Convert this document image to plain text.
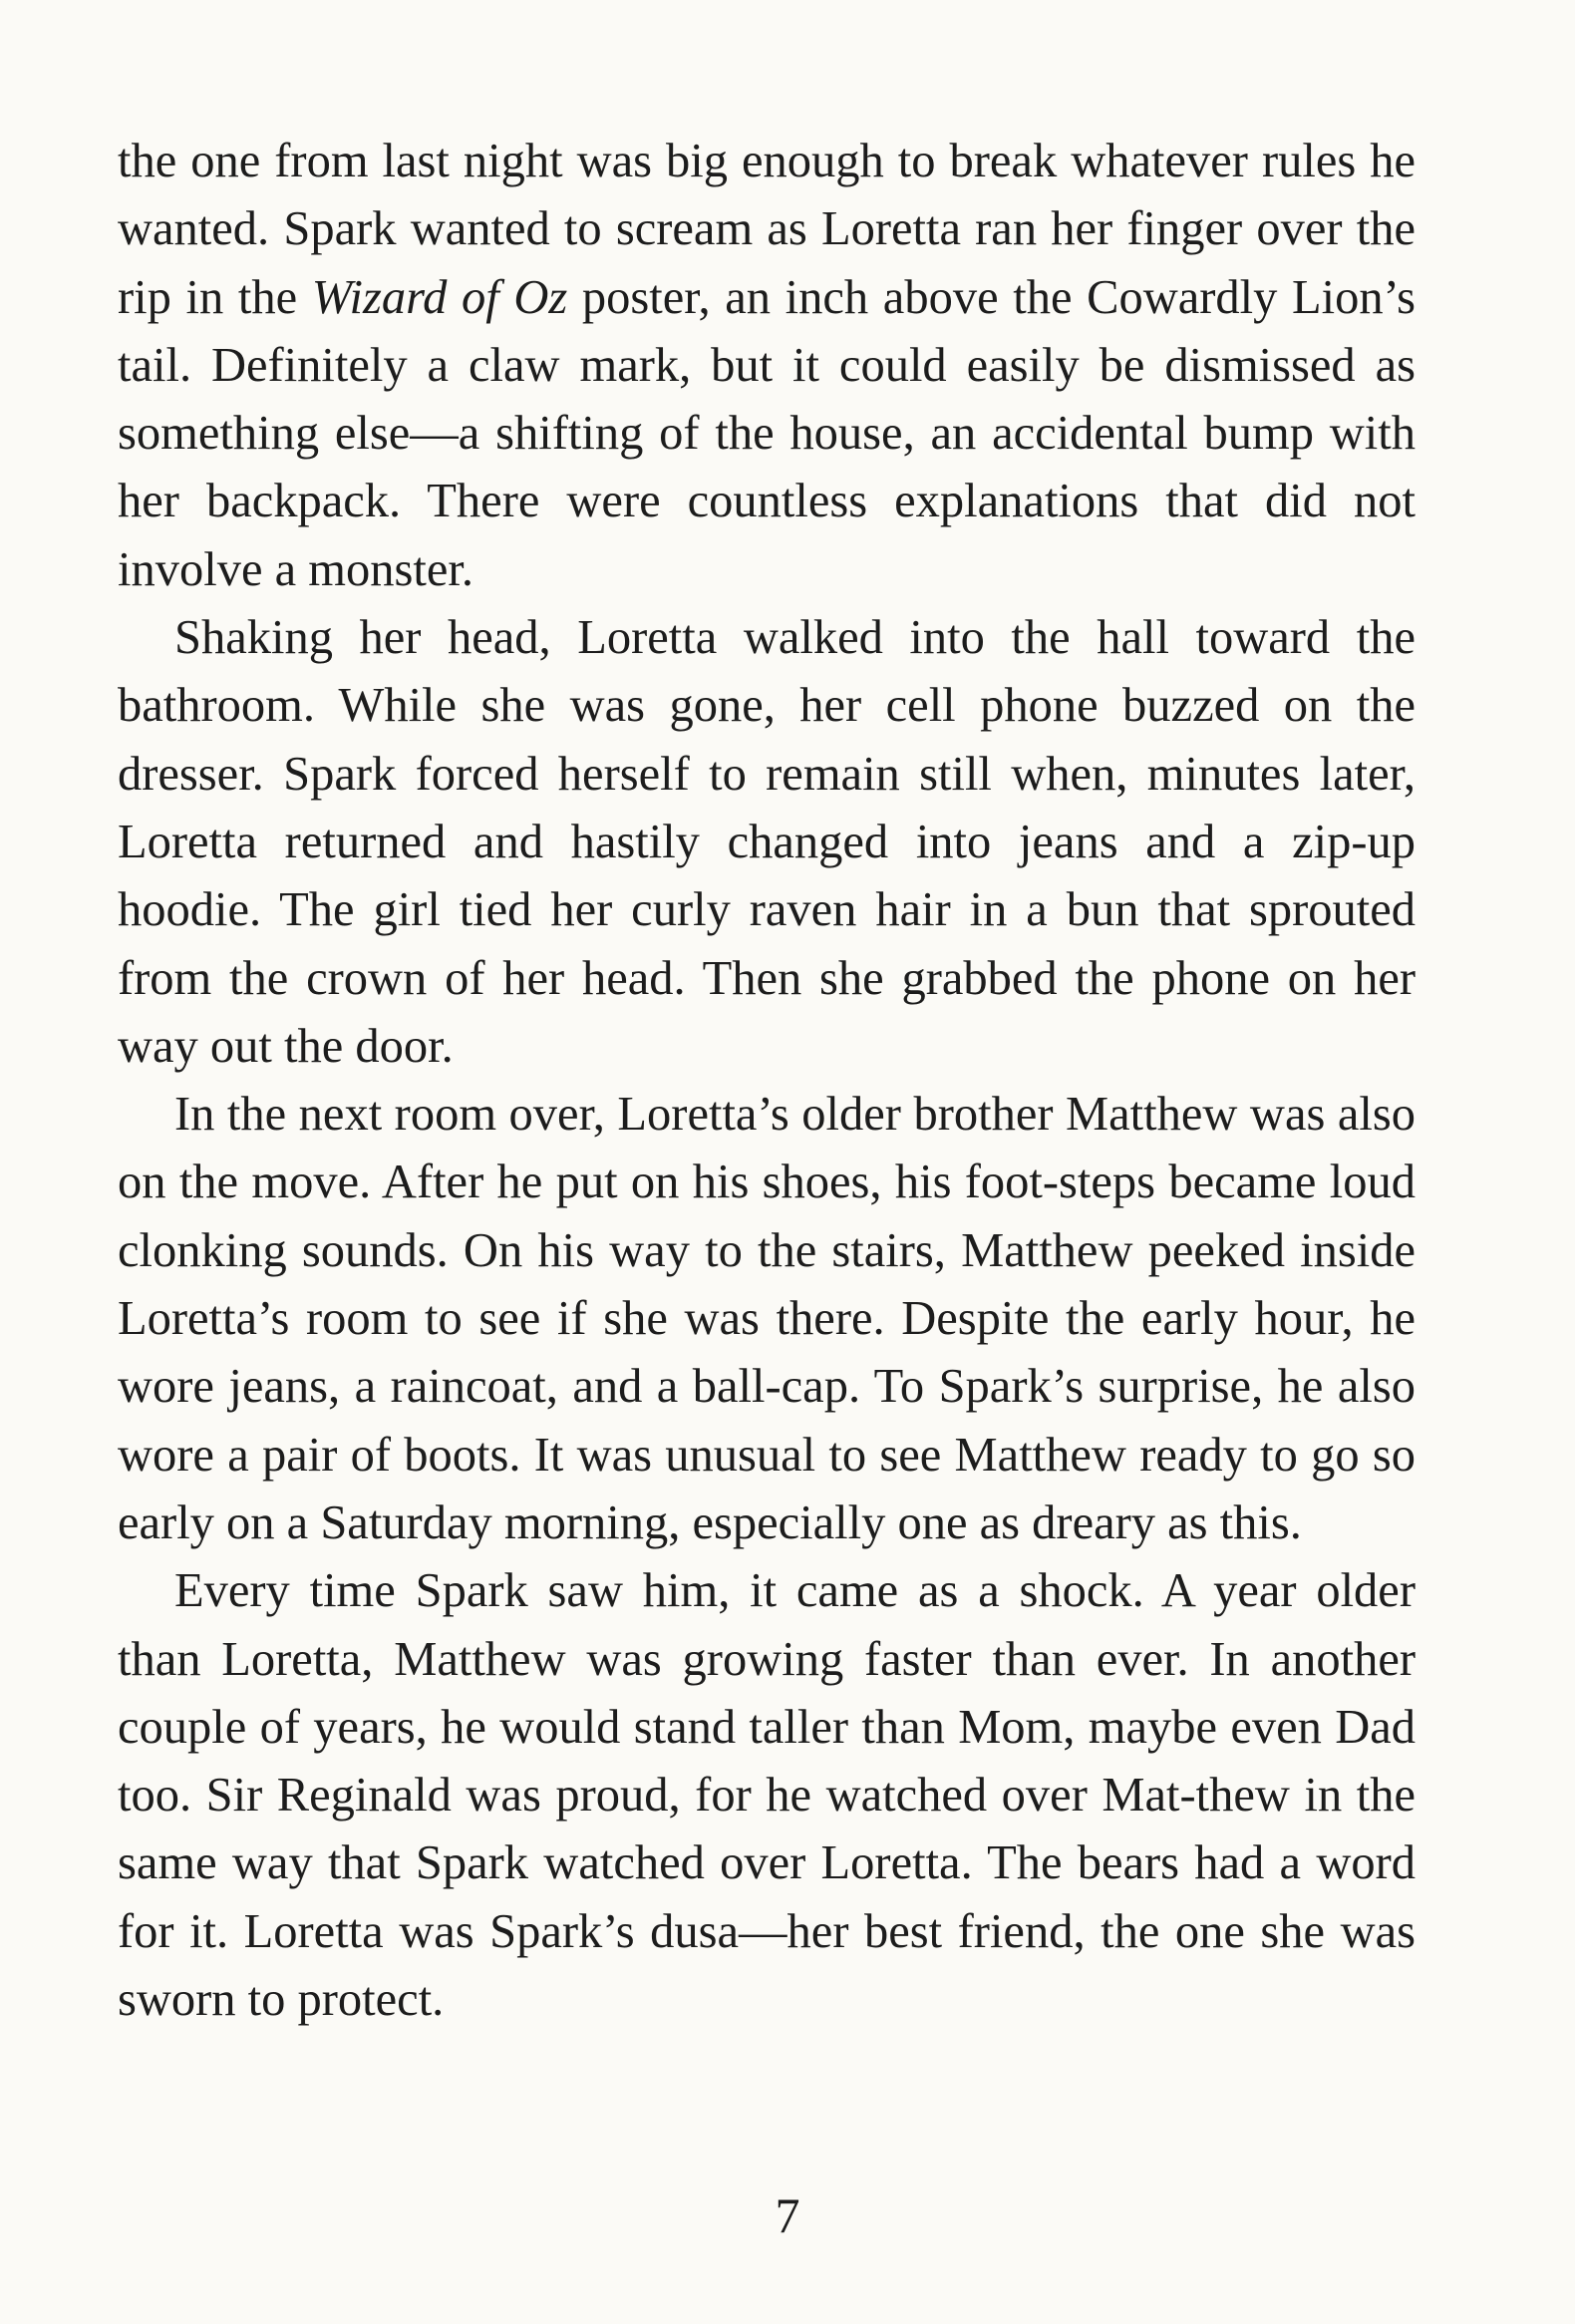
the one from last night was big enough to break whatever rules he wanted. Spark wanted to scream as Loretta ran her finger over the rip in the Wizard of Oz poster, an inch above the Cowardly Lion’s tail. Definitely a claw mark, but it could easily be dismissed as something else—a shifting of the house, an accidental bump with her backpack. There were countless explanations that did not involve a monster.

Shaking her head, Loretta walked into the hall toward the bathroom. While she was gone, her cell phone buzzed on the dresser. Spark forced herself to remain still when, minutes later, Loretta returned and hastily changed into jeans and a zip-up hoodie. The girl tied her curly raven hair in a bun that sprouted from the crown of her head. Then she grabbed the phone on her way out the door.

In the next room over, Loretta’s older brother Matthew was also on the move. After he put on his shoes, his foot-steps became loud clonking sounds. On his way to the stairs, Matthew peeked inside Loretta’s room to see if she was there. Despite the early hour, he wore jeans, a raincoat, and a ball-cap. To Spark’s surprise, he also wore a pair of boots. It was unusual to see Matthew ready to go so early on a Saturday morning, especially one as dreary as this.

Every time Spark saw him, it came as a shock. A year older than Loretta, Matthew was growing faster than ever. In another couple of years, he would stand taller than Mom, maybe even Dad too. Sir Reginald was proud, for he watched over Mat-thew in the same way that Spark watched over Loretta. The bears had a word for it. Loretta was Spark’s dusa—her best friend, the one she was sworn to protect.

7
